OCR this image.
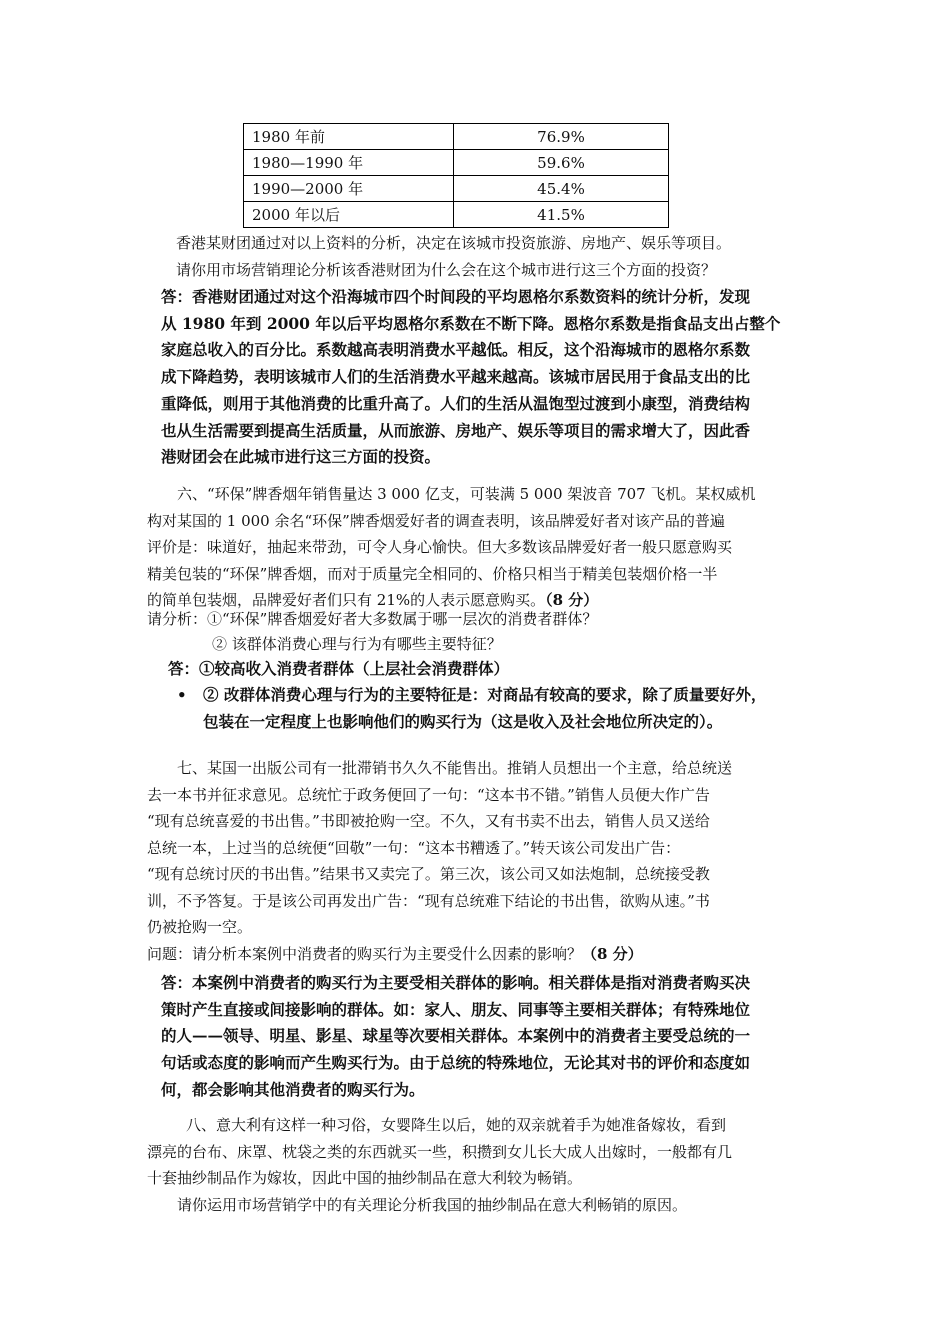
1980 年前	76.9%
1980—1990 年	59.6%
1990—2000 年	45.4%
2000 年以后	41.5%
香港某财团通过对以上资料的分析，决定在该城市投资旅游、房地产、娱乐等项目。
请你用市场营销理论分析该香港财团为什么会在这个城市进行这三个方面的投资？
答：香港财团通过对这个沿海城市四个时间段的平均恩格尔系数资料的统计分析，发现
从 1980 年到 2000 年以后平均恩格尔系数在不断下降。恩格尔系数是指食品支出占整个
家庭总收入的百分比。系数越高表明消费水平越低。相反，这个沿海城市的恩格尔系数
成下降趋势，表明该城市人们的生活消费水平越来越高。该城市居民用于食品支出的比
重降低，则用于其他消费的比重升高了。人们的生活从温饱型过渡到小康型，消费结构
也从生活需要到提高生活质量，从而旅游、房地产、娱乐等项目的需求增大了，因此香
港财团会在此城市进行这三方面的投资。
六、“环保”牌香烟年销售量达 3 000 亿支，可装满 5 000 架波音 707 飞机。某权威机
构对某国的 1 000 余名“环保”牌香烟爱好者的调查表明，该品牌爱好者对该产品的普遍
评价是：味道好，抽起来带劲，可令人身心愉快。但大多数该品牌爱好者一般只愿意购买
精美包装的“环保”牌香烟，而对于质量完全相同的、价格只相当于精美包装烟价格一半
的简单包装烟，品牌爱好者们只有 21%的人表示愿意购买。（8 分）
请分析：①“环保”牌香烟爱好者大多数属于哪一层次的消费者群体？
② 该群体消费心理与行为有哪些主要特征？
答：①较高收入消费者群体（上层社会消费群体）
• ② 改群体消费心理与行为的主要特征是：对商品有较高的要求，除了质量要好外，
包装在一定程度上也影响他们的购买行为（这是收入及社会地位所决定的）。
七、某国一出版公司有一批滞销书久久不能售出。推销人员想出一个主意，给总统送
去一本书并征求意见。总统忙于政务便回了一句：“这本书不错。”销售人员便大作广告
“现有总统喜爱的书出售。”书即被抢购一空。不久，又有书卖不出去，销售人员又送给
总统一本，上过当的总统便“回敬”一句：“这本书糟透了。”转天该公司发出广告：
“现有总统讨厌的书出售。”结果书又卖完了。第三次，该公司又如法炮制，总统接受教
训，不予答复。于是该公司再发出广告：“现有总统难下结论的书出售，欲购从速。”书
仍被抢购一空。
问题：请分析本案例中消费者的购买行为主要受什么因素的影响？（8 分）
答：本案例中消费者的购买行为主要受相关群体的影响。相关群体是指对消费者购买决
策时产生直接或间接影响的群体。如：家人、朋友、同事等主要相关群体；有特殊地位
的人——领导、明星、影星、球星等次要相关群体。本案例中的消费者主要受总统的一
句话或态度的影响而产生购买行为。由于总统的特殊地位，无论其对书的评价和态度如
何，都会影响其他消费者的购买行为。
八、意大利有这样一种习俗，女婴降生以后，她的双亲就着手为她准备嫁妆，看到
漂亮的台布、床罩、枕袋之类的东西就买一些，积攒到女儿长大成人出嫁时，一般都有几
十套抽纱制品作为嫁妆，因此中国的抽纱制品在意大利较为畅销。
请你运用市场营销学中的有关理论分析我国的抽纱制品在意大利畅销的原因。
